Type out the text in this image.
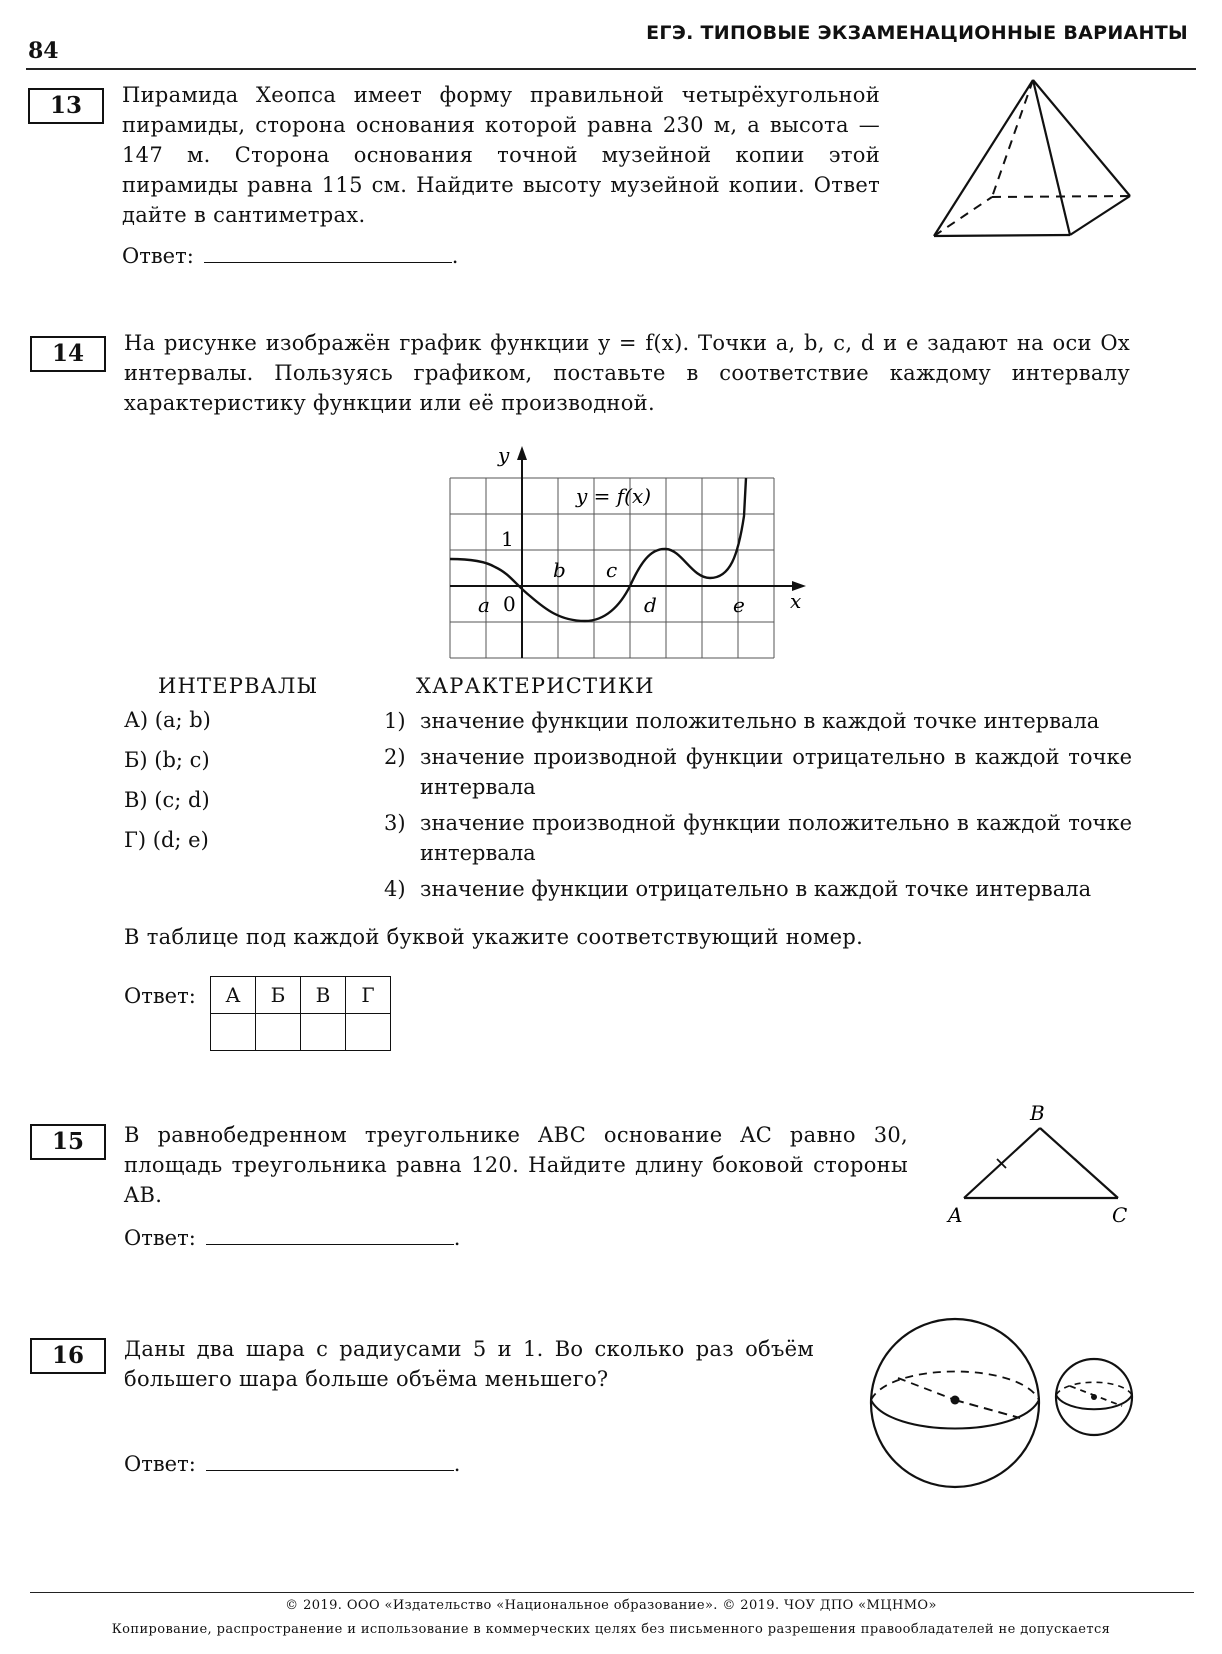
84
ЕГЭ. ТИПОВЫЕ ЭКЗАМЕНАЦИОННЫЕ ВАРИАНТЫ
13	Пирамида Хеопса имеет форму правильной четырёхугольной пирамиды, сторона основания которой равна 230 м, а высота — 147 м. Сторона основания точной музейной копии этой пирамиды равна 115 см. Найдите высоту музейной копии. Ответ дайте в сантиметрах.
Ответ:	.
14	На рисунке изображён график функции y = f(x). Точки a, b, c, d и e задают на оси Ox интервалы. Пользуясь графиком, поставьте в соответствие каждому интервалу характеристику функции или её производной.
y
x
y = f(x)
1
0
a
b c
d	e
ИНТЕРВАЛЫ	ХАРАКТЕРИСТИКИ
А) (a; b)
Б) (b; c)
В) (c; d)
Г) (d; e)
1) значение функции положительно в каждой точке интервала
2) значение производной функции отрицательно в каждой точке интервала
3) значение производной функции положительно в каждой точке интервала
4) значение функции отрицательно в каждой точке интервала
В таблице под каждой буквой укажите соответствующий номер.
Ответ: А	Б	В	Г

15	В равнобедренном треугольнике ABC основание AC равно 30, площадь треугольника равна 120. Найдите длину боковой стороны AB.
Ответ:	.
B
A	C
16	Даны два шара с радиусами 5 и 1. Во сколько раз объём большего шара больше объёма меньшего?
Ответ:	.
© 2019. ООО «Издательство «Национальное образование». © 2019. ЧОУ ДПО «МЦНМО»
Копирование, распространение и использование в коммерческих целях без письменного разрешения правообладателей не допускается
